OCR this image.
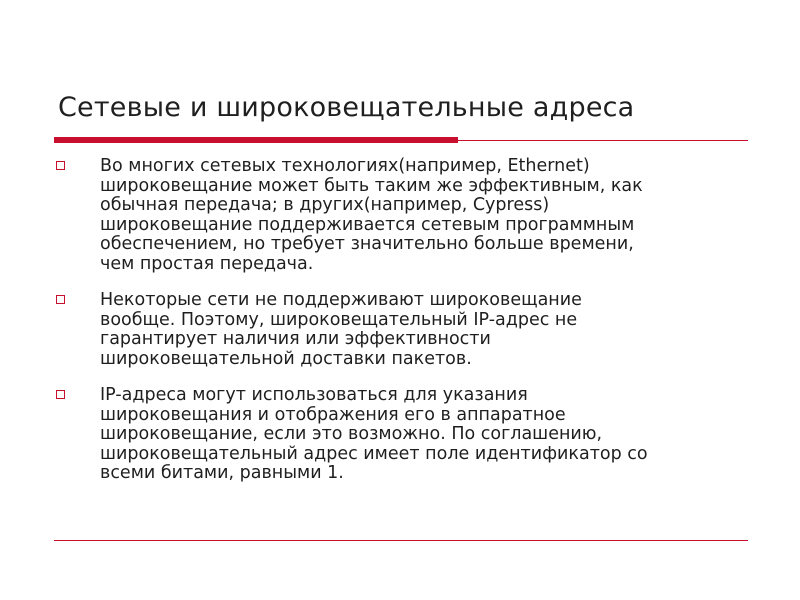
Сетевые и широковещательные адреса
Во многих сетевых технологиях(например, Ethernet)
широковещание может быть таким же эффективным, как
обычная передача; в других(например, Cypress)
широковещание поддерживается сетевым программным
обеспечением, но требует значительно больше времени,
чем простая передача.
Некоторые сети не поддерживают широковещание
вообще. Поэтому, широковещательный IP-адрес не
гарантирует наличия или эффективности
широковещательной доставки пакетов.
IP-адреса могут использоваться для указания
широковещания и отображения его в аппаратное
широковещание, если это возможно. По соглашению,
широковещательный адрес имеет поле идентификатор со
всеми битами, равными 1.
